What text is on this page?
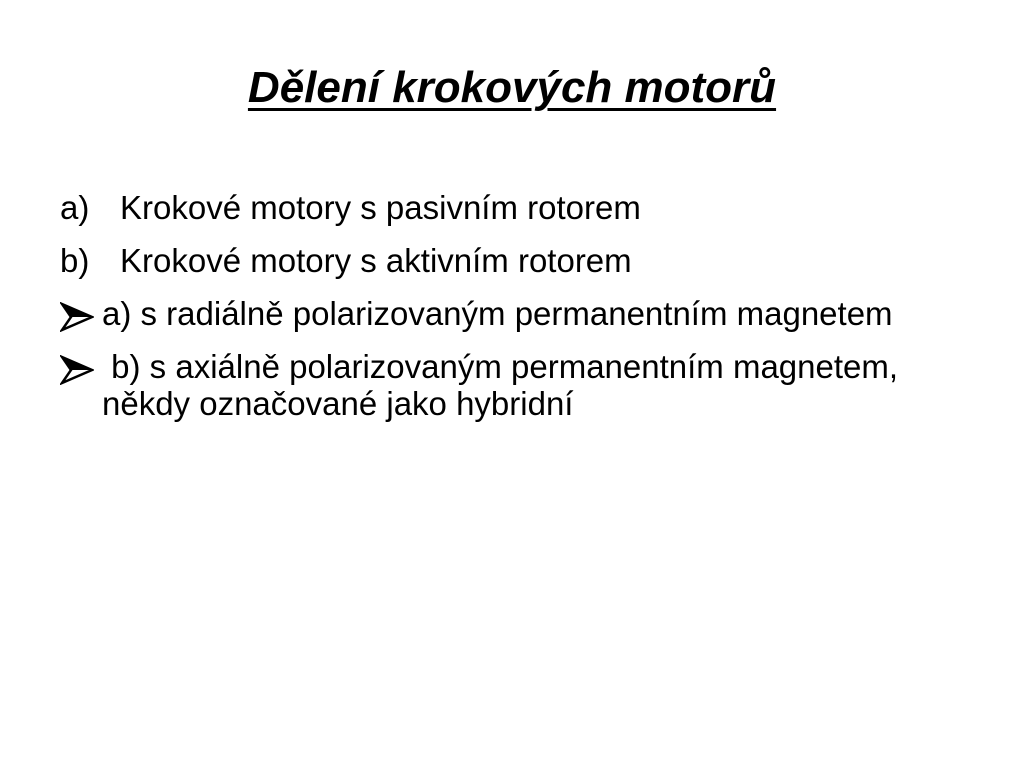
Dělení krokových motorů
a) Krokové motory s pasivním rotorem
b) Krokové motory s aktivním rotorem
a) s radiálně polarizovaným permanentním magnetem
b) s axiálně polarizovaným permanentním magnetem, někdy označované jako hybridní
